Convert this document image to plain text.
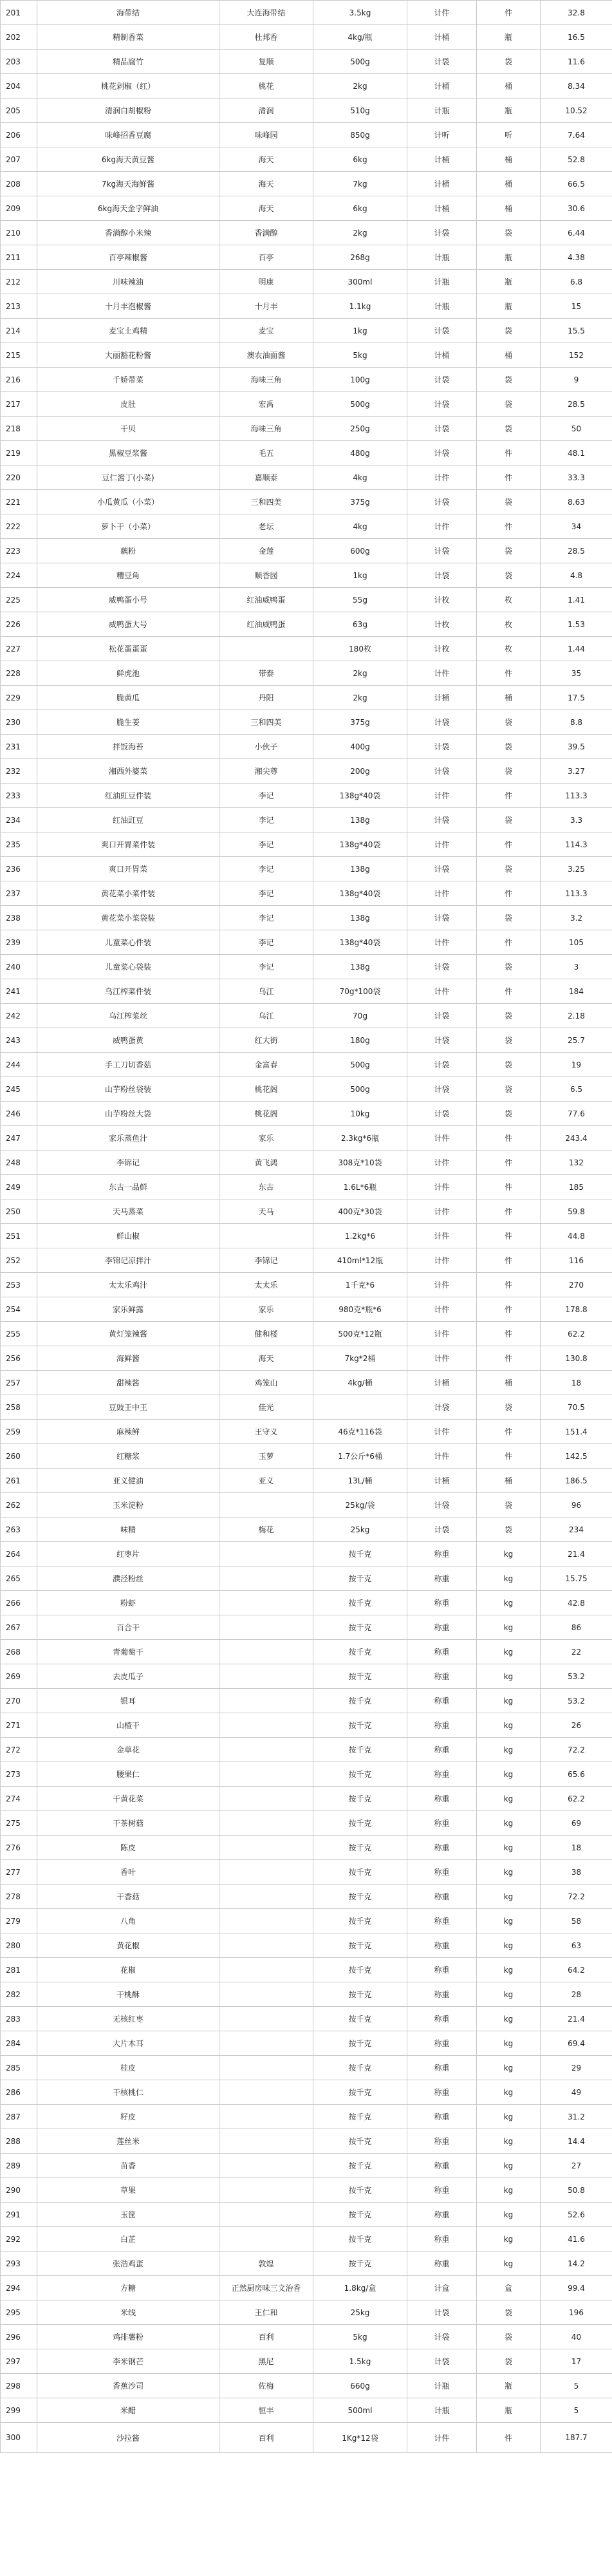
201	海带结	大连海带结	3.5kg	计件	件	32.8
202	精制香菜	杜邦香	4kg/瓶	计桶	瓶	16.5
203	精品腐竹	复顺	500g	计袋	袋	11.6
204	桃花剁椒（红）	桃花	2kg	计桶	桶	8.34
205	清润白胡椒粉	清润	510g	计瓶	瓶	10.52
206	味峰招香豆腐	味峰园	850g	计听	听	7.64
207	6kg海天黄豆酱	海天	6kg	计桶	桶	52.8
208	7kg海天海鲜酱	海天	7kg	计桶	桶	66.5
209	6kg海天金字鲜油	海天	6kg	计桶	桶	30.6
210	香满醇小米辣	香满醇	2kg	计袋	袋	6.44
211	百亭辣椒酱	百亭	268g	计瓶	瓶	4.38
212	川味辣油	明康	300ml	计瓶	瓶	6.8
213	十月丰泡椒酱	十月丰	1.1kg	计瓶	瓶	15
214	麦宝土鸡精	麦宝	1kg	计袋	袋	15.5
215	大丽豁花粉酱	澳农油面酱	5kg	计桶	桶	152
216	千娇带菜	海味三角	100g	计袋	袋	9
217	皮肚	宏禹	500g	计袋	袋	28.5
218	干贝	海味三角	250g	计袋	袋	50
219	黑椒豆浆酱	毛五	480g	计袋	件	48.1
220	豆仁酱丁(小菜)	嘉顺泰	4kg	计件	件	33.3
221	小瓜黄瓜（小菜）	三和四美	375g	计袋	袋	8.63
222	萝卜干（小菜）	老坛	4kg	计件	件	34
223	藕粉	金莲	600g	计袋	袋	28.5
224	糟豆角	顺香园	1kg	计袋	袋	4.8
225	威鸭蛋小号	红油威鸭蛋	55g	计枚	枚	1.41
226	威鸭蛋大号	红油威鸭蛋	63g	计枚	枚	1.53
227	松花蛋蛋蛋		180枚	计枚	枚	1.44
228	鲜虎池	带泰	2kg	计件	件	35
229	脆黄瓜	丹阳	2kg	计桶	桶	17.5
230	脆生姜	三和四美	375g	计袋	袋	8.8
231	拌饭海苔	小伙子	400g	计袋	袋	39.5
232	湘西外婆菜	湘尖尊	200g	计袋	袋	3.27
233	红油豇豆件装	李记	138g*40袋	计件	件	113.3
234	红油豇豆	李记	138g	计袋	袋	3.3
235	爽口开胃菜件装	李记	138g*40袋	计件	件	114.3
236	爽口开胃菜	李记	138g	计袋	袋	3.25
237	黄花菜小菜件装	李记	138g*40袋	计件	件	113.3
238	黄花菜小菜袋装	李记	138g	计袋	袋	3.2
239	儿童菜心件装	李记	138g*40袋	计件	件	105
240	儿童菜心袋装	李记	138g	计袋	袋	3
241	乌江榨菜件装	乌江	70g*100袋	计件	件	184
242	乌江榨菜丝	乌江	70g	计袋	袋	2.18
243	威鸭蛋黄	红大街	180g	计袋	袋	25.7
244	手工刀切香菇	金富春	500g	计袋	袋	19
245	山芋粉丝袋装	桃花阁	500g	计袋	袋	6.5
246	山芋粉丝大袋	桃花阁	10kg	计袋	袋	77.6
247	家乐蒸鱼汁	家乐	2.3kg*6瓶	计件	件	243.4
248	李锦记	黄飞鸿	308克*10袋	计件	件	132
249	东古一品鲜	东古	1.6L*6瓶	计件	件	185
250	天马蒸菜	天马	400克*30袋	计件	件	59.8
251	鲜山椒		1.2kg*6	计件	件	44.8
252	李锦记凉拌汁	李锦记	410ml*12瓶	计件	件	116
253	太太乐鸡汁	太太乐	1千克*6	计件	件	270
254	家乐鲜露	家乐	980克*瓶*6	计件	件	178.8
255	黄灯笼辣酱	健和楼	500克*12瓶	计件	件	62.2
256	海鲜酱	海天	7kg*2桶	计件	件	130.8
257	甜辣酱	鸡笼山	4kg/桶	计桶	桶	18
258	豆豉王中王	佳光		计袋	袋	70.5
259	麻辣鲜	王守义	46克*116袋	计件	件	151.4
260	红糖浆	玉萝	1.7公斤*6桶	计件	件	142.5
261	亚义健油	亚义	13L/桶	计桶	桶	186.5
262	玉米淀粉		25kg/袋	计袋	袋	96
263	味精	梅花	25kg	计袋	袋	234
264	红枣片		按千克	称重	kg	21.4
265	濮泾粉丝		按千克	称重	kg	15.75
266	粉虾		按千克	称重	kg	42.8
267	百合干		按千克	称重	kg	86
268	青葡萄干		按千克	称重	kg	22
269	去皮瓜子		按千克	称重	kg	53.2
270	银耳		按千克	称重	kg	53.2
271	山楂干		按千克	称重	kg	26
272	金草花		按千克	称重	kg	72.2
273	腰果仁		按千克	称重	kg	65.6
274	干黄花菜		按千克	称重	kg	62.2
275	干茶树菇		按千克	称重	kg	69
276	陈皮		按千克	称重	kg	18
277	香叶		按千克	称重	kg	38
278	干香菇		按千克	称重	kg	72.2
279	八角		按千克	称重	kg	58
280	黄花椒		按千克	称重	kg	63
281	花椒		按千克	称重	kg	64.2
282	干桃酥		按千克	称重	kg	28
283	无核红枣		按千克	称重	kg	21.4
284	大片木耳		按千克	称重	kg	69.4
285	桂皮		按千克	称重	kg	29
286	干核桃仁		按千克	称重	kg	49
287	籽皮		按千克	称重	kg	31.2
288	莲丝米		按千克	称重	kg	14.4
289	苗香		按千克	称重	kg	27
290	草果		按千克	称重	kg	50.8
291	玉筐		按千克	称重	kg	52.6
292	白芷		按千克	称重	kg	41.6
293	张浩鸡蛋	敦煌	按千克	称重	kg	14.2
294	方糖	正然厨房味三文治香	1.8kg/盒	计盒	盒	99.4
295	米线	王仁和	25kg	计袋	袋	196
296	鸡排薯粉	百利	5kg	计袋	袋	40
297	李米钢芒	黑尼	1.5kg	计袋	袋	17
298	香蕉沙司	佐梅	660g	计瓶	瓶	5
299	米醋	恒丰	500ml	计瓶	瓶	5
300	沙拉酱	百利	1Kg*12袋	计件	件	187.7
